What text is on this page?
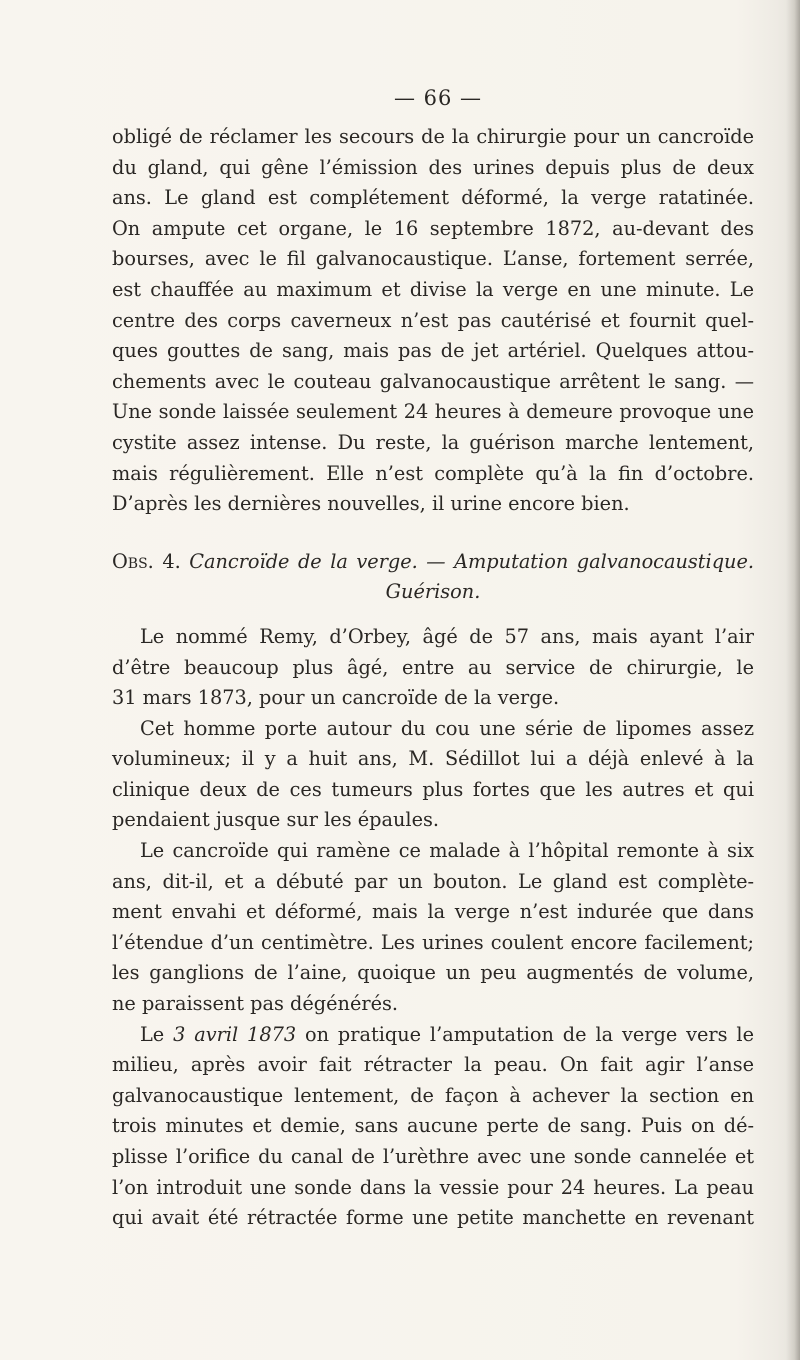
— 66 —
obligé de réclamer les secours de la chirurgie pour un cancroïde
du gland, qui gêne l’émission des urines depuis plus de deux
ans. Le gland est complétement déformé, la verge ratatinée.
On ampute cet organe, le 16 septembre 1872, au-devant des
bourses, avec le fil galvanocaustique. L’anse, fortement serrée,
est chauffée au maximum et divise la verge en une minute. Le
centre des corps caverneux n’est pas cautérisé et fournit quel-
ques gouttes de sang, mais pas de jet artériel. Quelques attou-
chements avec le couteau galvanocaustique arrêtent le sang. —
Une sonde laissée seulement 24 heures à demeure provoque une
cystite assez intense. Du reste, la guérison marche lentement,
mais régulièrement. Elle n’est complète qu’à la fin d’octobre.
D’après les dernières nouvelles, il urine encore bien.
Obs. 4. Cancroïde de la verge. — Amputation galvanocaustique.
Guérison.
Le nommé Remy, d’Orbey, âgé de 57 ans, mais ayant l’air
d’être beaucoup plus âgé, entre au service de chirurgie, le
31 mars 1873, pour un cancroïde de la verge.
Cet homme porte autour du cou une série de lipomes assez
volumineux; il y a huit ans, M. Sédillot lui a déjà enlevé à la
clinique deux de ces tumeurs plus fortes que les autres et qui
pendaient jusque sur les épaules.
Le cancroïde qui ramène ce malade à l’hôpital remonte à six
ans, dit-il, et a débuté par un bouton. Le gland est complète-
ment envahi et déformé, mais la verge n’est indurée que dans
l’étendue d’un centimètre. Les urines coulent encore facilement;
les ganglions de l’aine, quoique un peu augmentés de volume,
ne paraissent pas dégénérés.
Le 3 avril 1873 on pratique l’amputation de la verge vers le
milieu, après avoir fait rétracter la peau. On fait agir l’anse
galvanocaustique lentement, de façon à achever la section en
trois minutes et demie, sans aucune perte de sang. Puis on dé-
plisse l’orifice du canal de l’urèthre avec une sonde cannelée et
l’on introduit une sonde dans la vessie pour 24 heures. La peau
qui avait été rétractée forme une petite manchette en revenant
